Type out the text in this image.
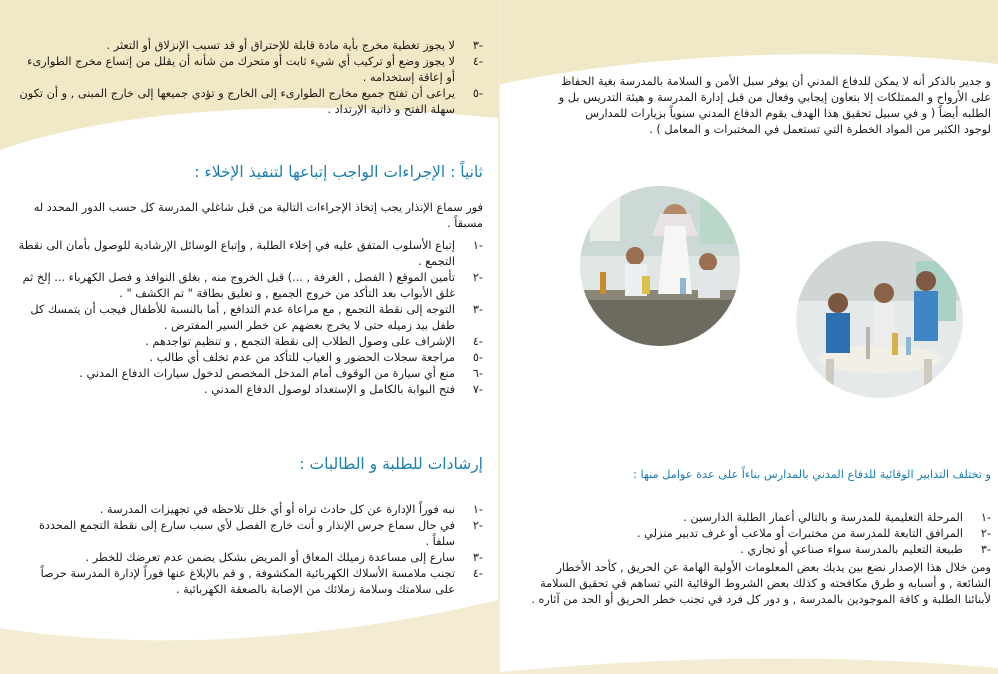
-٣
لا يجوز تغطية مخرج بأية مادة قابلة للإحتراق أو قد تسبب الإنزلاق أو التعثر .
-٤
لا يجوز وضع أو تركيب أي شيء ثابت أو متحرك من شأنه أن يقلل من إتساع مخرج الطوارىء أو إعاقة إستخدامه .
-٥
يراعى أن تفتح جميع مخارج الطوارىء إلى الخارج و تؤدي جميعها إلى خارج المبنى , و أن تكون سهلة الفتح و ذاتية الإرتداد .
ثانياً : الإجراءات الواجب إتباعها لتنفيذ الإخلاء :

فور سماع الإنذار يجب إتخاذ الإجراءات التالية من قبل شاغلي المدرسة كل حسب الدور المحدد له مسبقاً .

-١
إتباع الأسلوب المتفق عليه في إخلاء الطلبة , وإتباع الوسائل الإرشادية للوصول بأمان الى نقطة التجمع .
-٢
تأمين الموقع ( الفصل , الغرفة , ...) قبل الخروج منه , بغلق النوافذ و فصل الكهرباء ... إلخ ثم غلق الأبواب بعد التأكد من خروج الجميع , و تعليق بطاقة " تم الكشف " .
-٣
التوجه إلى نقطة التجمع , مع مراعاة عدم التدافع , أما بالنسبة للأطفال فيجب أن يتمسك كل طفل بيد زميله حتى لا يخرج بعضهم عن خطر السير المفترض .
-٤
الإشراف على وصول الطلاب إلى نقطة التجمع , و تنظيم تواجدهم .
-٥
مراجعة سجلات الحضور و الغياب للتأكد من عدم تخلف أي طالب .
-٦
منع أي سيارة من الوقوف أمام المدخل المخصص لدخول سيارات الدفاع المدني .
-٧
فتح البوابة بالكامل و الإستعداد لوصول الدفاع المدني .
إرشادات للطلبة و الطالبات :
-١
نبه فوراً الإدارة عن كل حادث تراه أو أي خلل تلاحظه في تجهيزات المدرسة .
-٢
في حال سماع جرس الإنذار و أنت خارج الفصل لأي سبب سارع إلى نقطة التجمع المحددة سلفاً .
-٣
سارع إلى مساعدة زميلك المعاق أو المريض بشكل يضمن عدم تعرضك للخطر .
-٤
تجنب ملامسة الأسلاك الكهربائية المكشوفة , و قم بالإبلاغ عنها فوراً لإدارة المدرسة حرصاً على سلامتك وسلامة زملائك من الإصابة بالصعقة الكهربائية .

و جدير بالذكر أنه لا يمكن للدفاع المدني أن يوفر سبل الأمن و السلامة بالمدرسة بغية الحفاظ على الأرواح و الممتلكات إلا بتعاون إيجابي وفعال من قبل إدارة المدرسة و هيئة التدريس بل و الطلبه أيضاً ( و في سبيل تحقيق هذا الهدف يقوم الدفاع المدني سنوياً بزيارات للمدارس لوجود الكثير من المواد الخطرة التي تستعمل في المختبرات و المعامل ) .

و تختلف التدابير الوقائية للدفاع المدني بالمدارس بناءاً على عدة عوامل منها :
-١
المرحلة التعليمية للمدرسة و بالتالي أعمار الطلبة الدارسين .
-٢
المرافق التابعة للمدرسة من مختبرات أو ملاعب أو غرف تدبير منزلي .
-٣
طبيعة التعليم بالمدرسة سواء صناعي أو تجاري .

ومن خلال هذا الإصدار نضع بين يديك بعض المعلومات الأولية الهامة عن الحريق , كأحد الأخطار الشائعة , و أسبابه و طرق مكافحته و كذلك بعض الشروط الوقائية التي تساهم في تحقيق السلامة لأبنائنا الطلبة و كافة الموجودين بالمدرسة , و دور كل فرد في تجنب خطر الحريق أو الحد من آثاره .
